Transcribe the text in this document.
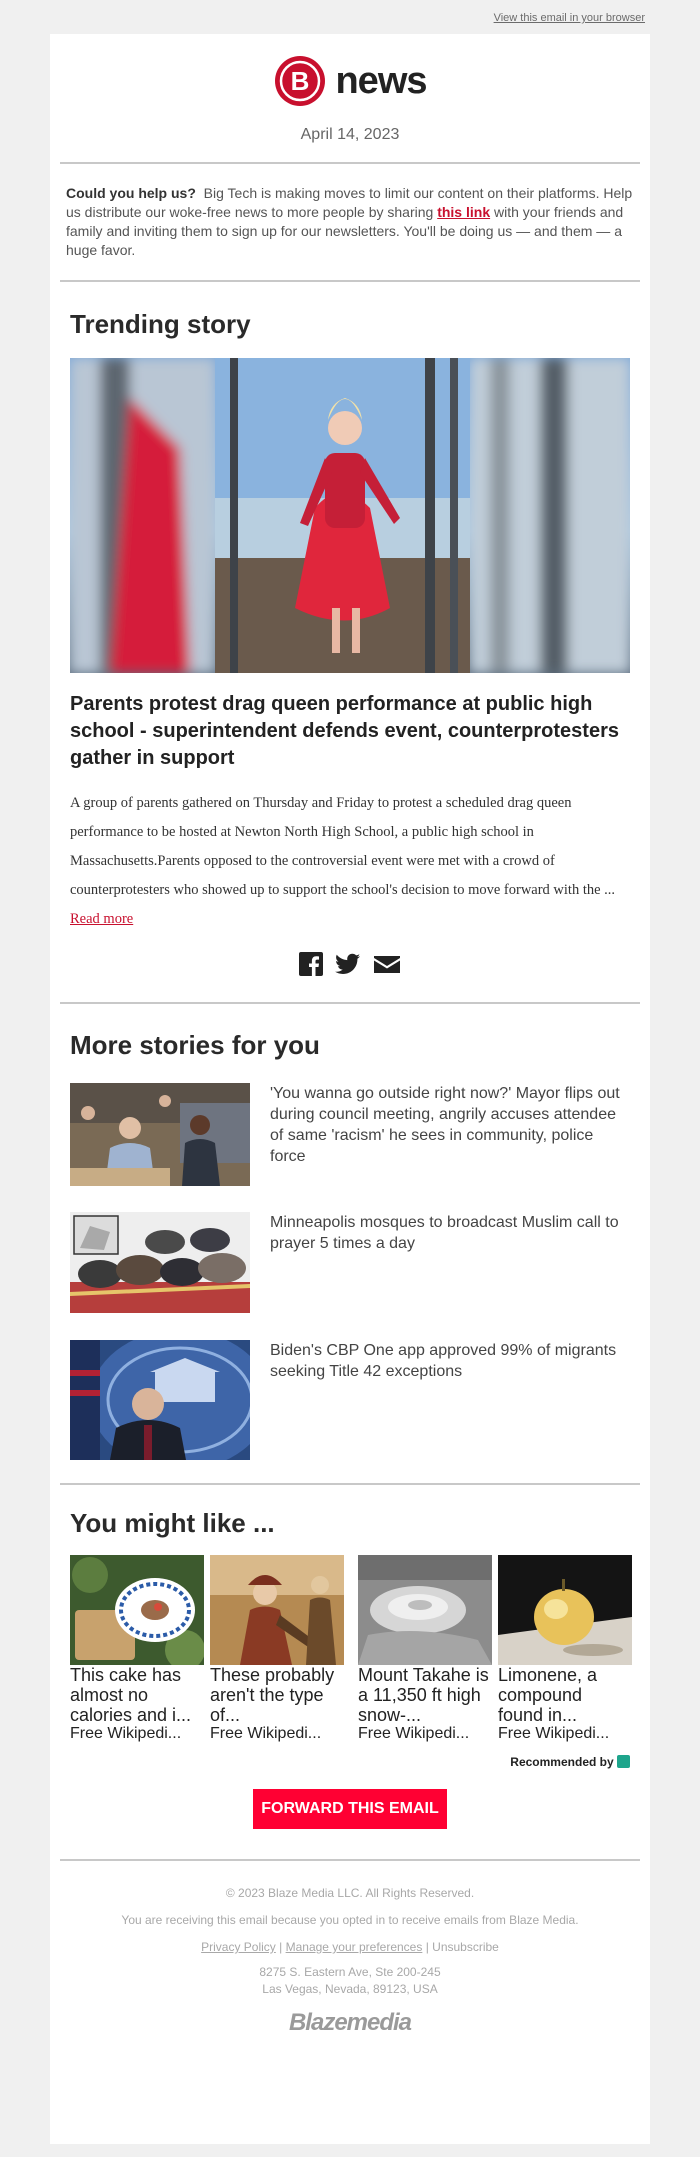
View this email in your browser
B news
April 14, 2023
Could you help us? Big Tech is making moves to limit our content on their platforms. Help us distribute our woke-free news to more people by sharing this link with your friends and family and inviting them to sign up for our newsletters. You'll be doing us — and them — a huge favor.
Trending story
Parents protest drag queen performance at public high school - superintendent defends event, counterprotesters gather in support

A group of parents gathered on Thursday and Friday to protest a scheduled drag queen performance to be hosted at Newton North High School, a public high school in Massachusetts.Parents opposed to the controversial event were met with a crowd of counterprotesters who showed up to support the school's decision to move forward with the ... Read more

More stories for you
'You wanna go outside right now?' Mayor flips out during council meeting, angrily accuses attendee of same 'racism' he sees in community, police force
Minneapolis mosques to broadcast Muslim call to prayer 5 times a day
Biden's CBP One app approved 99% of migrants seeking Title 42 exceptions
You might like ...
This cake has almost no calories and i...
Free Wikipedi...
These probably aren't the type of...
Free Wikipedi...
Mount Takahe is a 11,350 ft high snow-...
Free Wikipedi...
Limonene, a compound found in...
Free Wikipedi...
Recommended by
FORWARD THIS EMAIL
© 2023 Blaze Media LLC. All Rights Reserved.
You are receiving this email because you opted in to receive emails from Blaze Media.
Privacy Policy | Manage your preferences | Unsubscribe
8275 S. Eastern Ave, Ste 200-245
Las Vegas, Nevada, 89123, USA
Blazemedia
